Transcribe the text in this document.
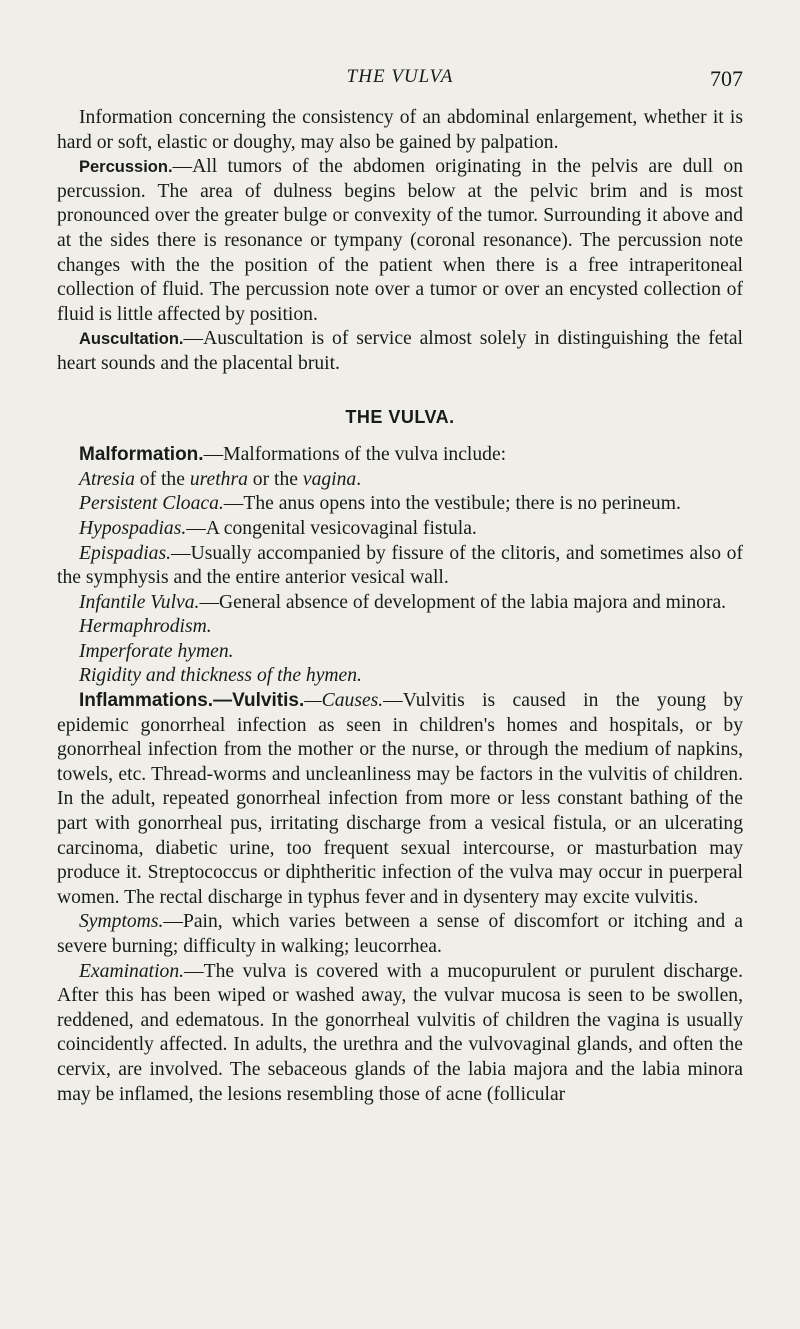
THE VULVA	707

Information concerning the consistency of an abdominal enlargement, whether it is hard or soft, elastic or doughy, may also be gained by palpation.

Percussion.—All tumors of the abdomen originating in the pelvis are dull on percussion. The area of dulness begins below at the pelvic brim and is most pronounced over the greater bulge or convexity of the tumor. Surrounding it above and at the sides there is resonance or tympany (coronal resonance). The percussion note changes with the the position of the patient when there is a free intraperitoneal collection of fluid. The percussion note over a tumor or over an encysted collection of fluid is little affected by position.

Auscultation.—Auscultation is of service almost solely in distinguishing the fetal heart sounds and the placental bruit.

THE VULVA.

Malformation.—Malformations of the vulva include:

Atresia of the urethra or the vagina.

Persistent Cloaca.—The anus opens into the vestibule; there is no perineum.

Hypospadias.—A congenital vesicovaginal fistula.

Epispadias.—Usually accompanied by fissure of the clitoris, and sometimes also of the symphysis and the entire anterior vesical wall.

Infantile Vulva.—General absence of development of the labia majora and minora.

Hermaphrodism.

Imperforate hymen.

Rigidity and thickness of the hymen.

Inflammations.—Vulvitis.—Causes.—Vulvitis is caused in the young by epidemic gonorrheal infection as seen in children's homes and hospitals, or by gonorrheal infection from the mother or the nurse, or through the medium of napkins, towels, etc. Thread-worms and uncleanliness may be factors in the vulvitis of children. In the adult, repeated gonorrheal infection from more or less constant bathing of the part with gonorrheal pus, irritating discharge from a vesical fistula, or an ulcerating carcinoma, diabetic urine, too frequent sexual intercourse, or masturbation may produce it. Streptococcus or diphtheritic infection of the vulva may occur in puerperal women. The rectal discharge in typhus fever and in dysentery may excite vulvitis.

Symptoms.—Pain, which varies between a sense of discomfort or itching and a severe burning; difficulty in walking; leucorrhea.

Examination.—The vulva is covered with a mucopurulent or purulent discharge. After this has been wiped or washed away, the vulvar mucosa is seen to be swollen, reddened, and edematous. In the gonorrheal vulvitis of children the vagina is usually coincidently affected. In adults, the urethra and the vulvovaginal glands, and often the cervix, are involved. The sebaceous glands of the labia majora and the labia minora may be inflamed, the lesions resembling those of acne (follicular
